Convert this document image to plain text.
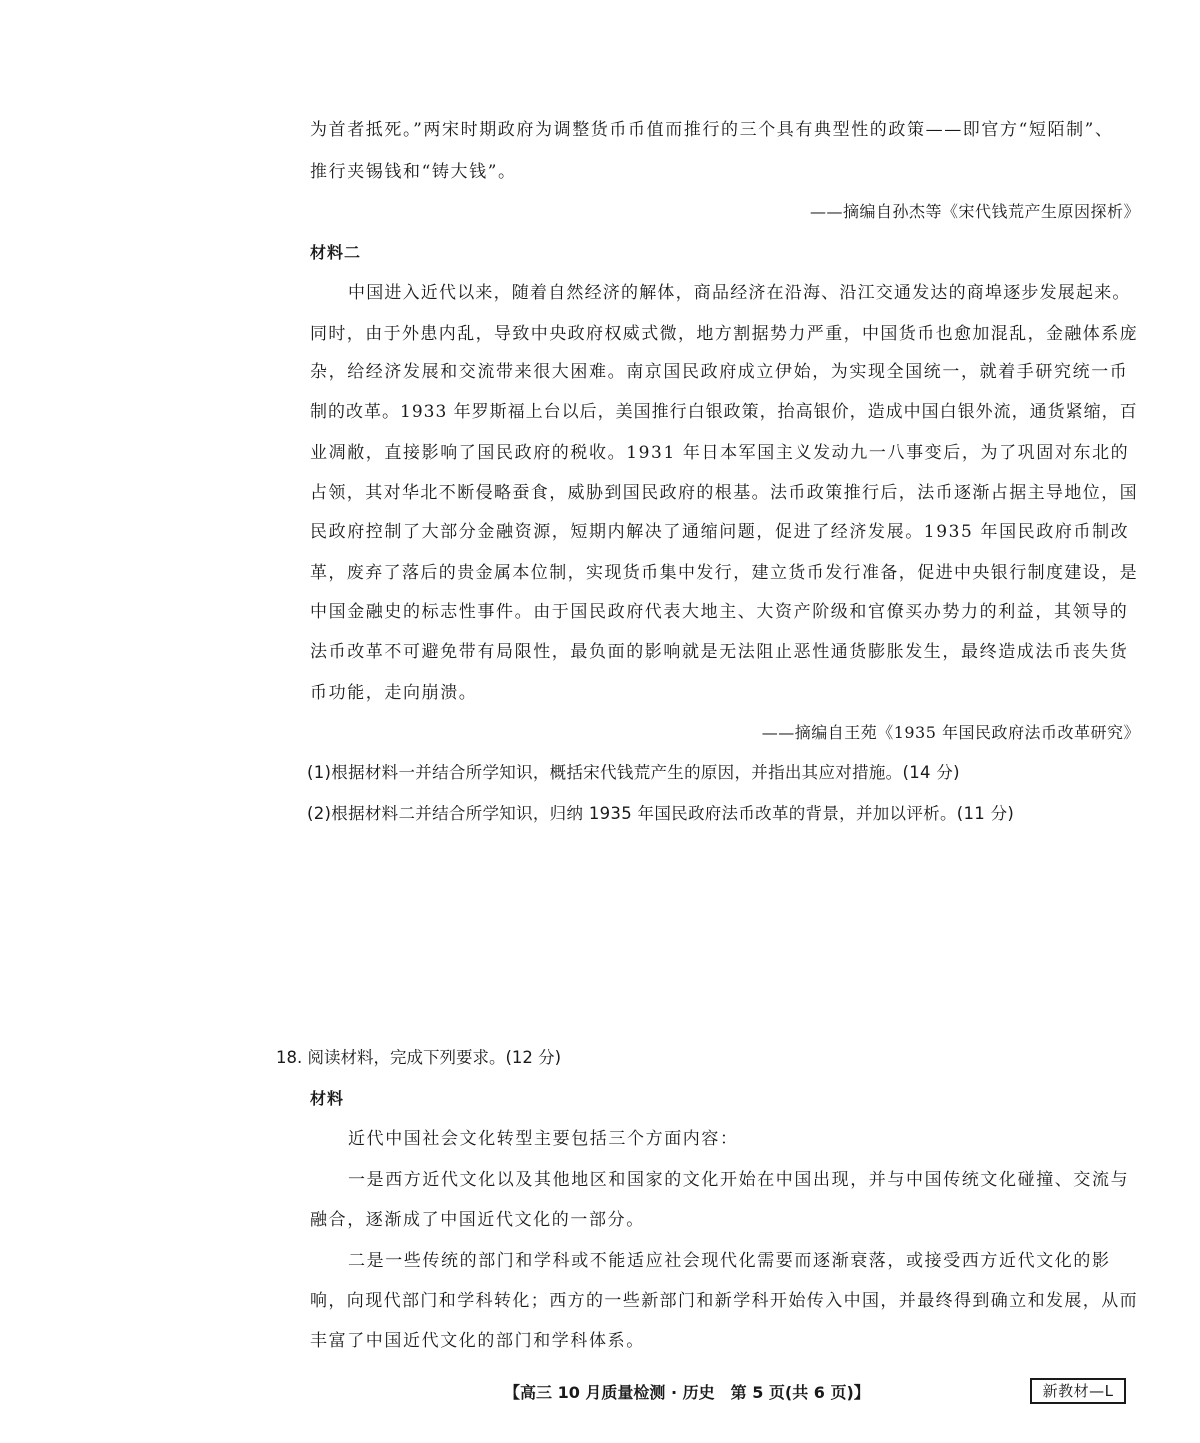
为首者抵死。”两宋时期政府为调整货币币值而推行的三个具有典型性的政策——即官方“短陌制”、
推行夹锡钱和“铸大钱”。
——摘编自孙杰等《宋代钱荒产生原因探析》
材料二
中国进入近代以来，随着自然经济的解体，商品经济在沿海、沿江交通发达的商埠逐步发展起来。
同时，由于外患内乱，导致中央政府权威式微，地方割据势力严重，中国货币也愈加混乱，金融体系庞
杂，给经济发展和交流带来很大困难。南京国民政府成立伊始，为实现全国统一，就着手研究统一币
制的改革。1933 年罗斯福上台以后，美国推行白银政策，抬高银价，造成中国白银外流，通货紧缩，百
业凋敝，直接影响了国民政府的税收。1931 年日本军国主义发动九一八事变后，为了巩固对东北的
占领，其对华北不断侵略蚕食，威胁到国民政府的根基。法币政策推行后，法币逐渐占据主导地位，国
民政府控制了大部分金融资源，短期内解决了通缩问题，促进了经济发展。1935 年国民政府币制改
革，废弃了落后的贵金属本位制，实现货币集中发行，建立货币发行准备，促进中央银行制度建设，是
中国金融史的标志性事件。由于国民政府代表大地主、大资产阶级和官僚买办势力的利益，其领导的
法币改革不可避免带有局限性，最负面的影响就是无法阻止恶性通货膨胀发生，最终造成法币丧失货
币功能，走向崩溃。
——摘编自王苑《1935 年国民政府法币改革研究》
(1)根据材料一并结合所学知识，概括宋代钱荒产生的原因，并指出其应对措施。(14 分)
(2)根据材料二并结合所学知识，归纳 1935 年国民政府法币改革的背景，并加以评析。(11 分)
18. 阅读材料，完成下列要求。(12 分)
材料
近代中国社会文化转型主要包括三个方面内容：
一是西方近代文化以及其他地区和国家的文化开始在中国出现，并与中国传统文化碰撞、交流与
融合，逐渐成了中国近代文化的一部分。
二是一些传统的部门和学科或不能适应社会现代化需要而逐渐衰落，或接受西方近代文化的影
响，向现代部门和学科转化；西方的一些新部门和新学科开始传入中国，并最终得到确立和发展，从而
丰富了中国近代文化的部门和学科体系。
【高三 10 月质量检测 · 历史　第 5 页(共 6 页)】	新教材—L
